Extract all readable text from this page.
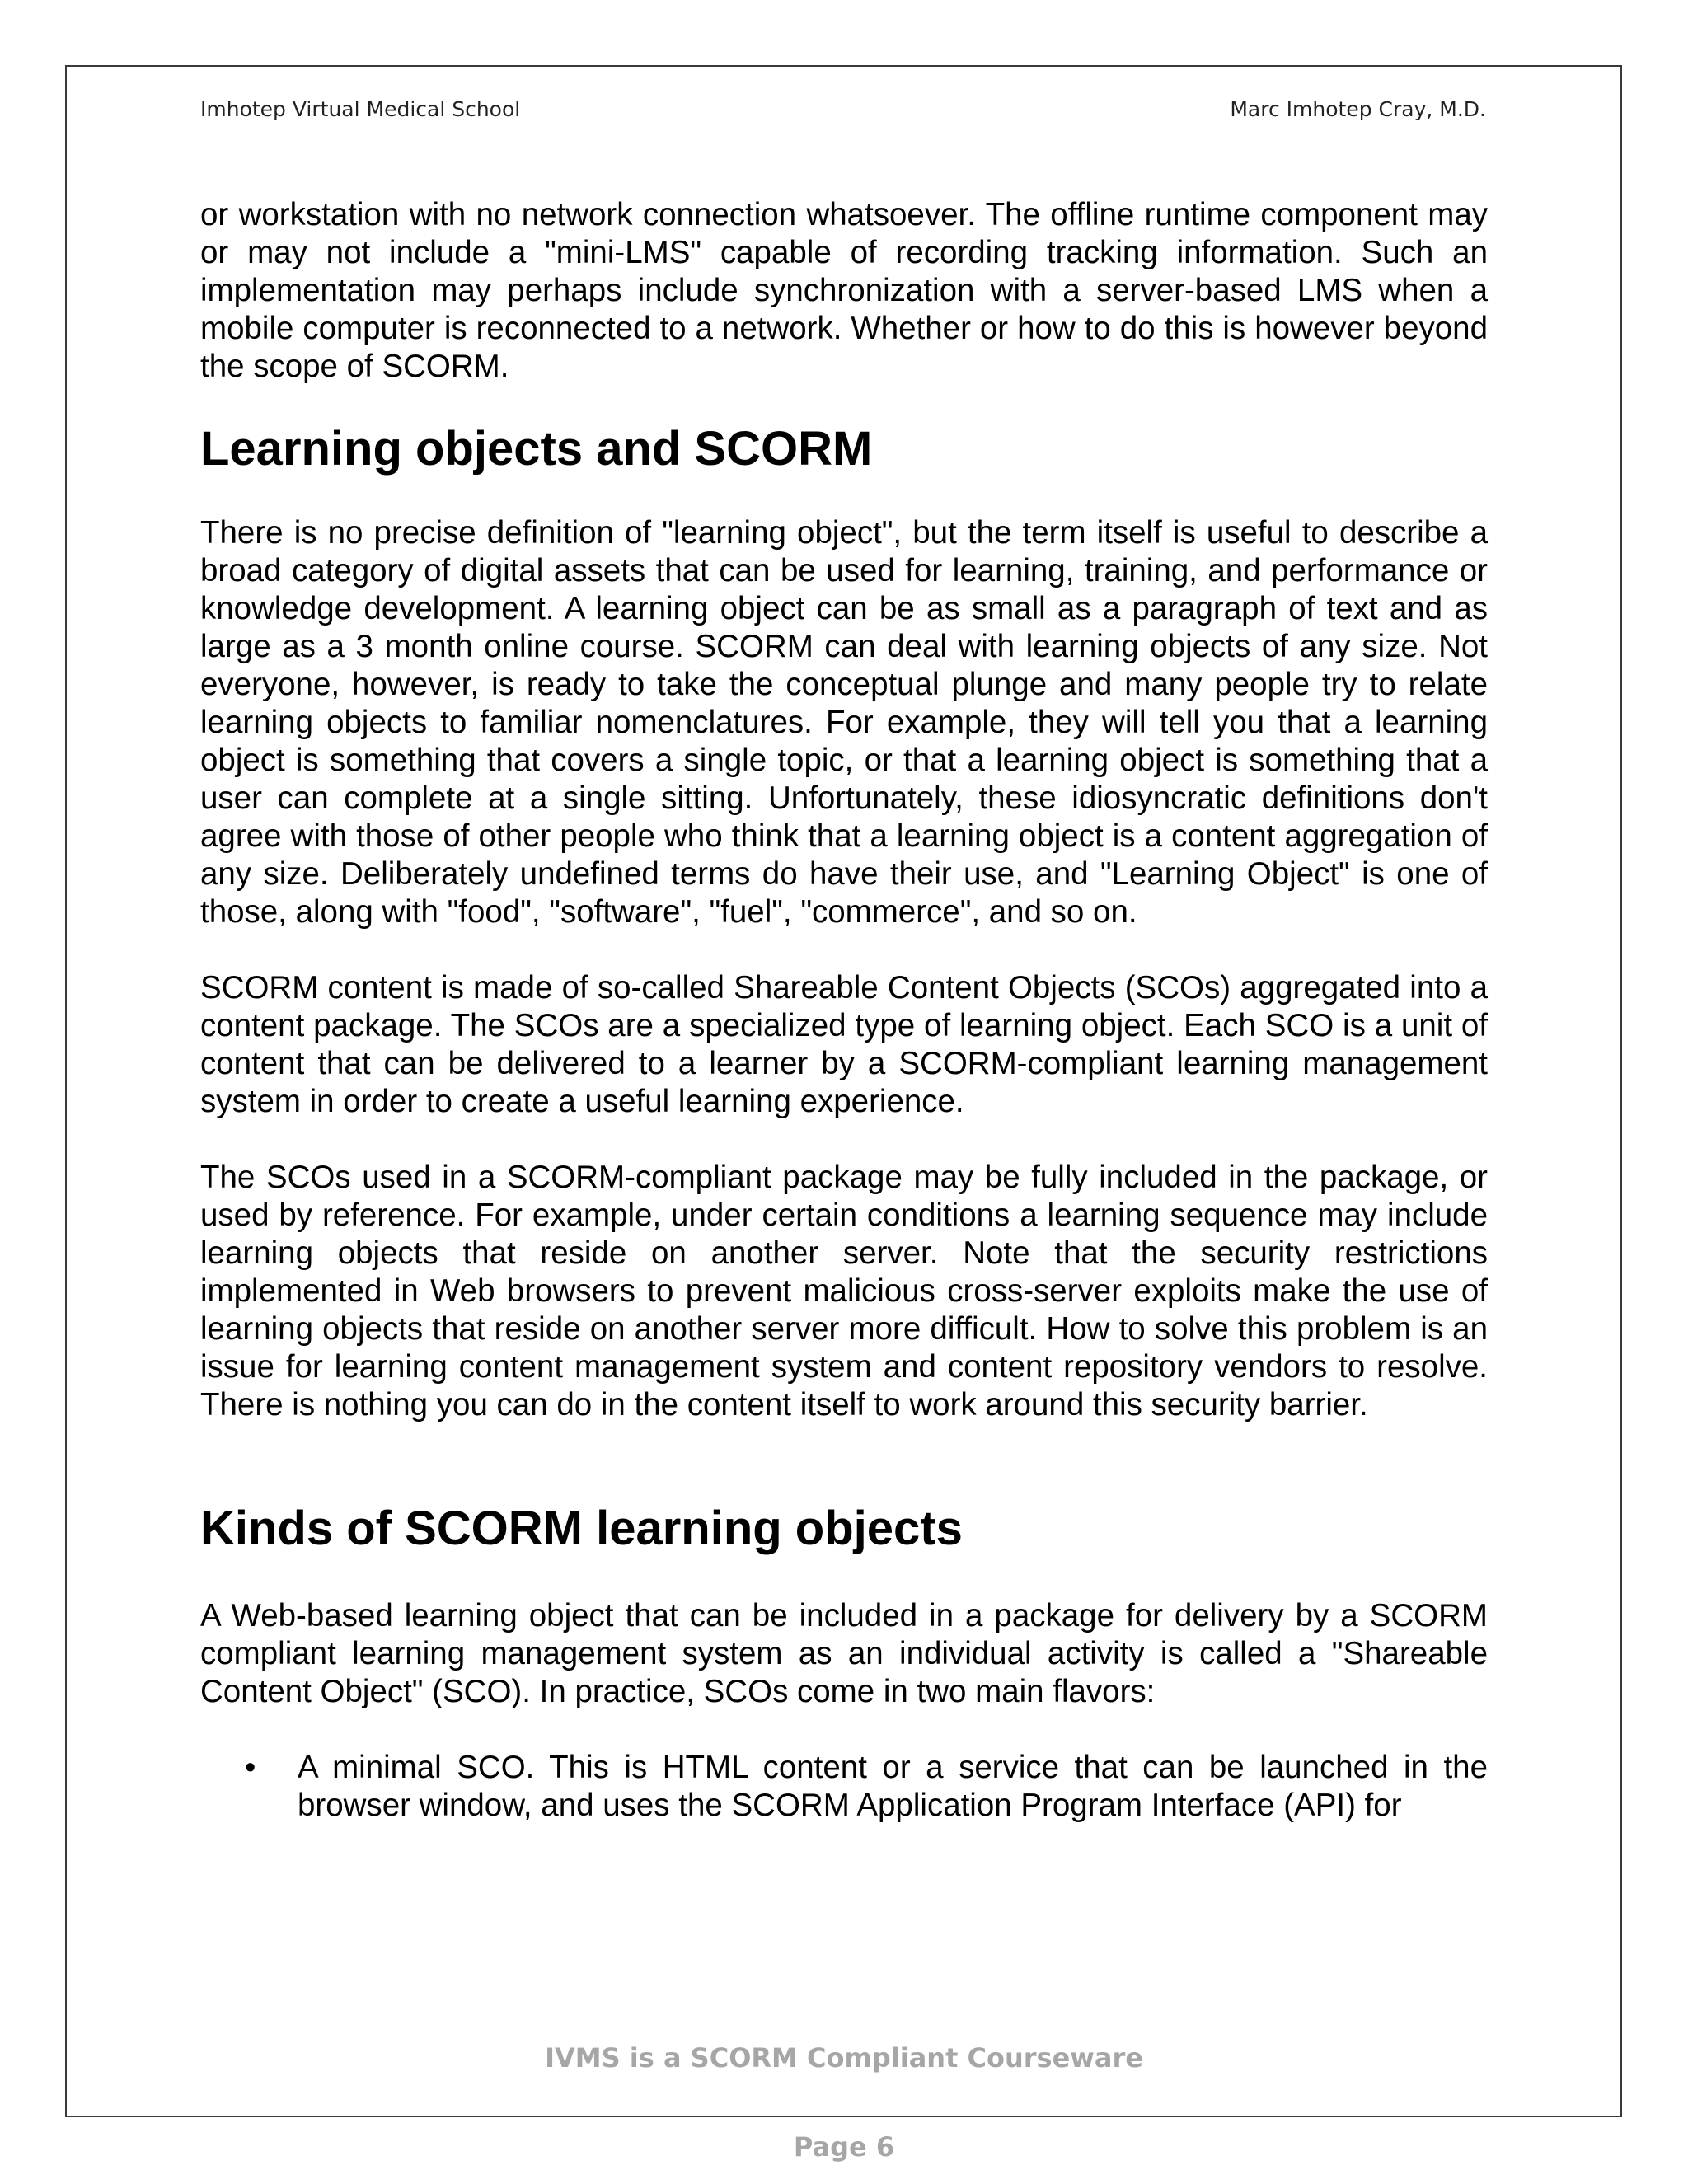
Imhotep Virtual Medical School	Marc Imhotep Cray, M.D.

or workstation with no network connection whatsoever. The offline runtime component may or may not include a "mini-LMS" capable of recording tracking information. Such an implementation may perhaps include synchronization with a server-based LMS when a mobile computer is reconnected to a network. Whether or how to do this is however beyond the scope of SCORM.

Learning objects and SCORM

There is no precise definition of "learning object", but the term itself is useful to describe a broad category of digital assets that can be used for learning, training, and performance or knowledge development. A learning object can be as small as a paragraph of text and as large as a 3 month online course. SCORM can deal with learning objects of any size. Not everyone, however, is ready to take the conceptual plunge and many people try to relate learning objects to familiar nomenclatures. For example, they will tell you that a learning object is something that covers a single topic, or that a learning object is something that a user can complete at a single sitting. Unfortunately, these idiosyncratic definitions don't agree with those of other people who think that a learning object is a content aggregation of any size. Deliberately undefined terms do have their use, and "Learning Object" is one of those, along with "food", "software", "fuel", "commerce", and so on.

SCORM content is made of so-called Shareable Content Objects (SCOs) aggregated into a content package. The SCOs are a specialized type of learning object. Each SCO is a unit of content that can be delivered to a learner by a SCORM-compliant learning management system in order to create a useful learning experience.

The SCOs used in a SCORM-compliant package may be fully included in the package, or used by reference. For example, under certain conditions a learning sequence may include learning objects that reside on another server. Note that the security restrictions implemented in Web browsers to prevent malicious cross-server exploits make the use of learning objects that reside on another server more difficult. How to solve this problem is an issue for learning content management system and content repository vendors to resolve. There is nothing you can do in the content itself to work around this security barrier.

Kinds of SCORM learning objects

A Web-based learning object that can be included in a package for delivery by a SCORM compliant learning management system as an individual activity is called a "Shareable Content Object" (SCO). In practice, SCOs come in two main flavors:

• A minimal SCO. This is HTML content or a service that can be launched in the browser window, and uses the SCORM Application Program Interface (API) for
IVMS is a SCORM Compliant Courseware
Page 6
